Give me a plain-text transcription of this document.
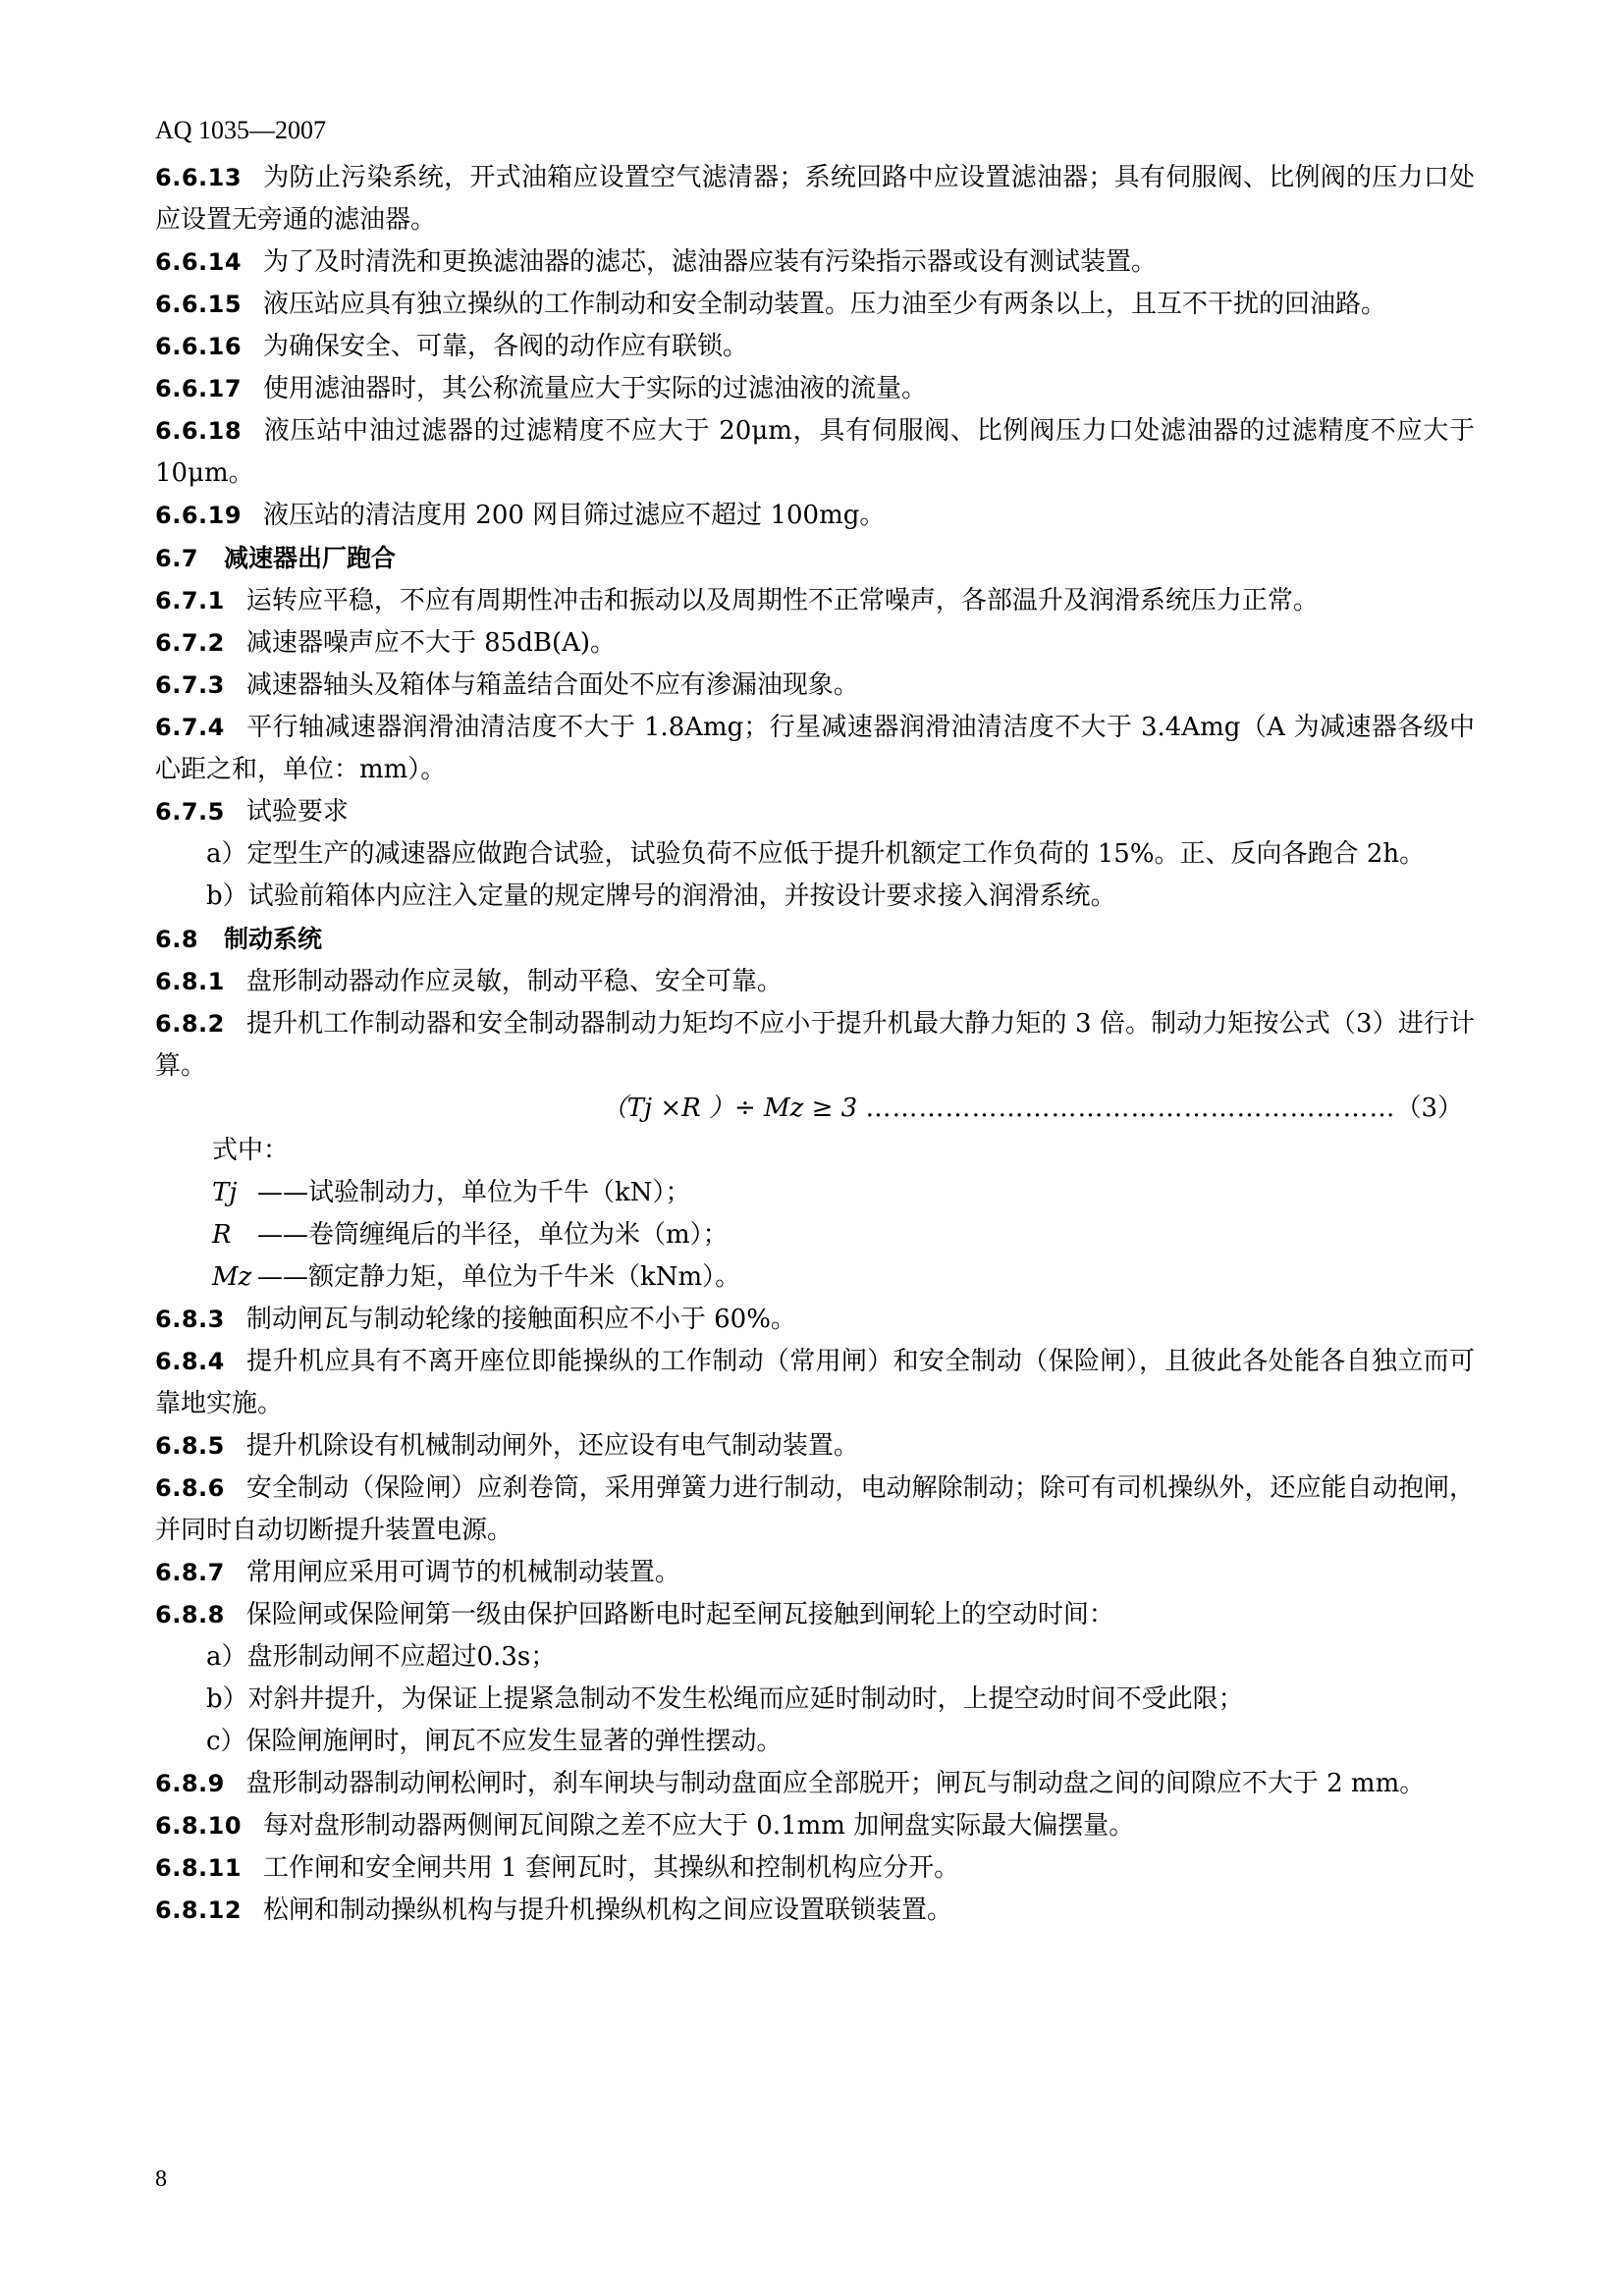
AQ 1035—2007

6.6.13 为防止污染系统，开式油箱应设置空气滤清器；系统回路中应设置滤油器；具有伺服阀、比例阀的压力口处应设置无旁通的滤油器。

6.6.14 为了及时清洗和更换滤油器的滤芯，滤油器应装有污染指示器或设有测试装置。

6.6.15 液压站应具有独立操纵的工作制动和安全制动装置。压力油至少有两条以上，且互不干扰的回油路。

6.6.16 为确保安全、可靠，各阀的动作应有联锁。

6.6.17 使用滤油器时，其公称流量应大于实际的过滤油液的流量。

6.6.18 液压站中油过滤器的过滤精度不应大于 20μm，具有伺服阀、比例阀压力口处滤油器的过滤精度不应大于 10μm。

6.6.19 液压站的清洁度用 200 网目筛过滤应不超过 100mg。

6.7 减速器出厂跑合

6.7.1 运转应平稳，不应有周期性冲击和振动以及周期性不正常噪声，各部温升及润滑系统压力正常。

6.7.2 减速器噪声应不大于 85dB(A)。

6.7.3 减速器轴头及箱体与箱盖结合面处不应有渗漏油现象。

6.7.4 平行轴减速器润滑油清洁度不大于 1.8Amg；行星减速器润滑油清洁度不大于 3.4Amg（A 为减速器各级中心距之和，单位：mm）。

6.7.5 试验要求

a）定型生产的减速器应做跑合试验，试验负荷不应低于提升机额定工作负荷的 15%。正、反向各跑合 2h。

b）试验前箱体内应注入定量的规定牌号的润滑油，并按设计要求接入润滑系统。

6.8 制动系统

6.8.1 盘形制动器动作应灵敏，制动平稳、安全可靠。

6.8.2 提升机工作制动器和安全制动器制动力矩均不应小于提升机最大静力矩的 3 倍。制动力矩按公式（3）进行计算。

（Tj ×R ）÷ Mz ≥ 3 ……………………………………………………（3）

式中：

Tj ——试验制动力，单位为千牛（kN）；

R ——卷筒缠绳后的半径，单位为米（m）；

Mz ——额定静力矩，单位为千牛米（kNm）。

6.8.3 制动闸瓦与制动轮缘的接触面积应不小于 60%。

6.8.4 提升机应具有不离开座位即能操纵的工作制动（常用闸）和安全制动（保险闸），且彼此各处能各自独立而可靠地实施。

6.8.5 提升机除设有机械制动闸外，还应设有电气制动装置。

6.8.6 安全制动（保险闸）应刹卷筒，采用弹簧力进行制动，电动解除制动；除可有司机操纵外，还应能自动抱闸，并同时自动切断提升装置电源。

6.8.7 常用闸应采用可调节的机械制动装置。

6.8.8 保险闸或保险闸第一级由保护回路断电时起至闸瓦接触到闸轮上的空动时间：

a）盘形制动闸不应超过0.3s；

b）对斜井提升，为保证上提紧急制动不发生松绳而应延时制动时，上提空动时间不受此限；

c）保险闸施闸时，闸瓦不应发生显著的弹性摆动。

6.8.9 盘形制动器制动闸松闸时，刹车闸块与制动盘面应全部脱开；闸瓦与制动盘之间的间隙应不大于 2 mm。

6.8.10 每对盘形制动器两侧闸瓦间隙之差不应大于 0.1mm 加闸盘实际最大偏摆量。

6.8.11 工作闸和安全闸共用 1 套闸瓦时，其操纵和控制机构应分开。

6.8.12 松闸和制动操纵机构与提升机操纵机构之间应设置联锁装置。

8
